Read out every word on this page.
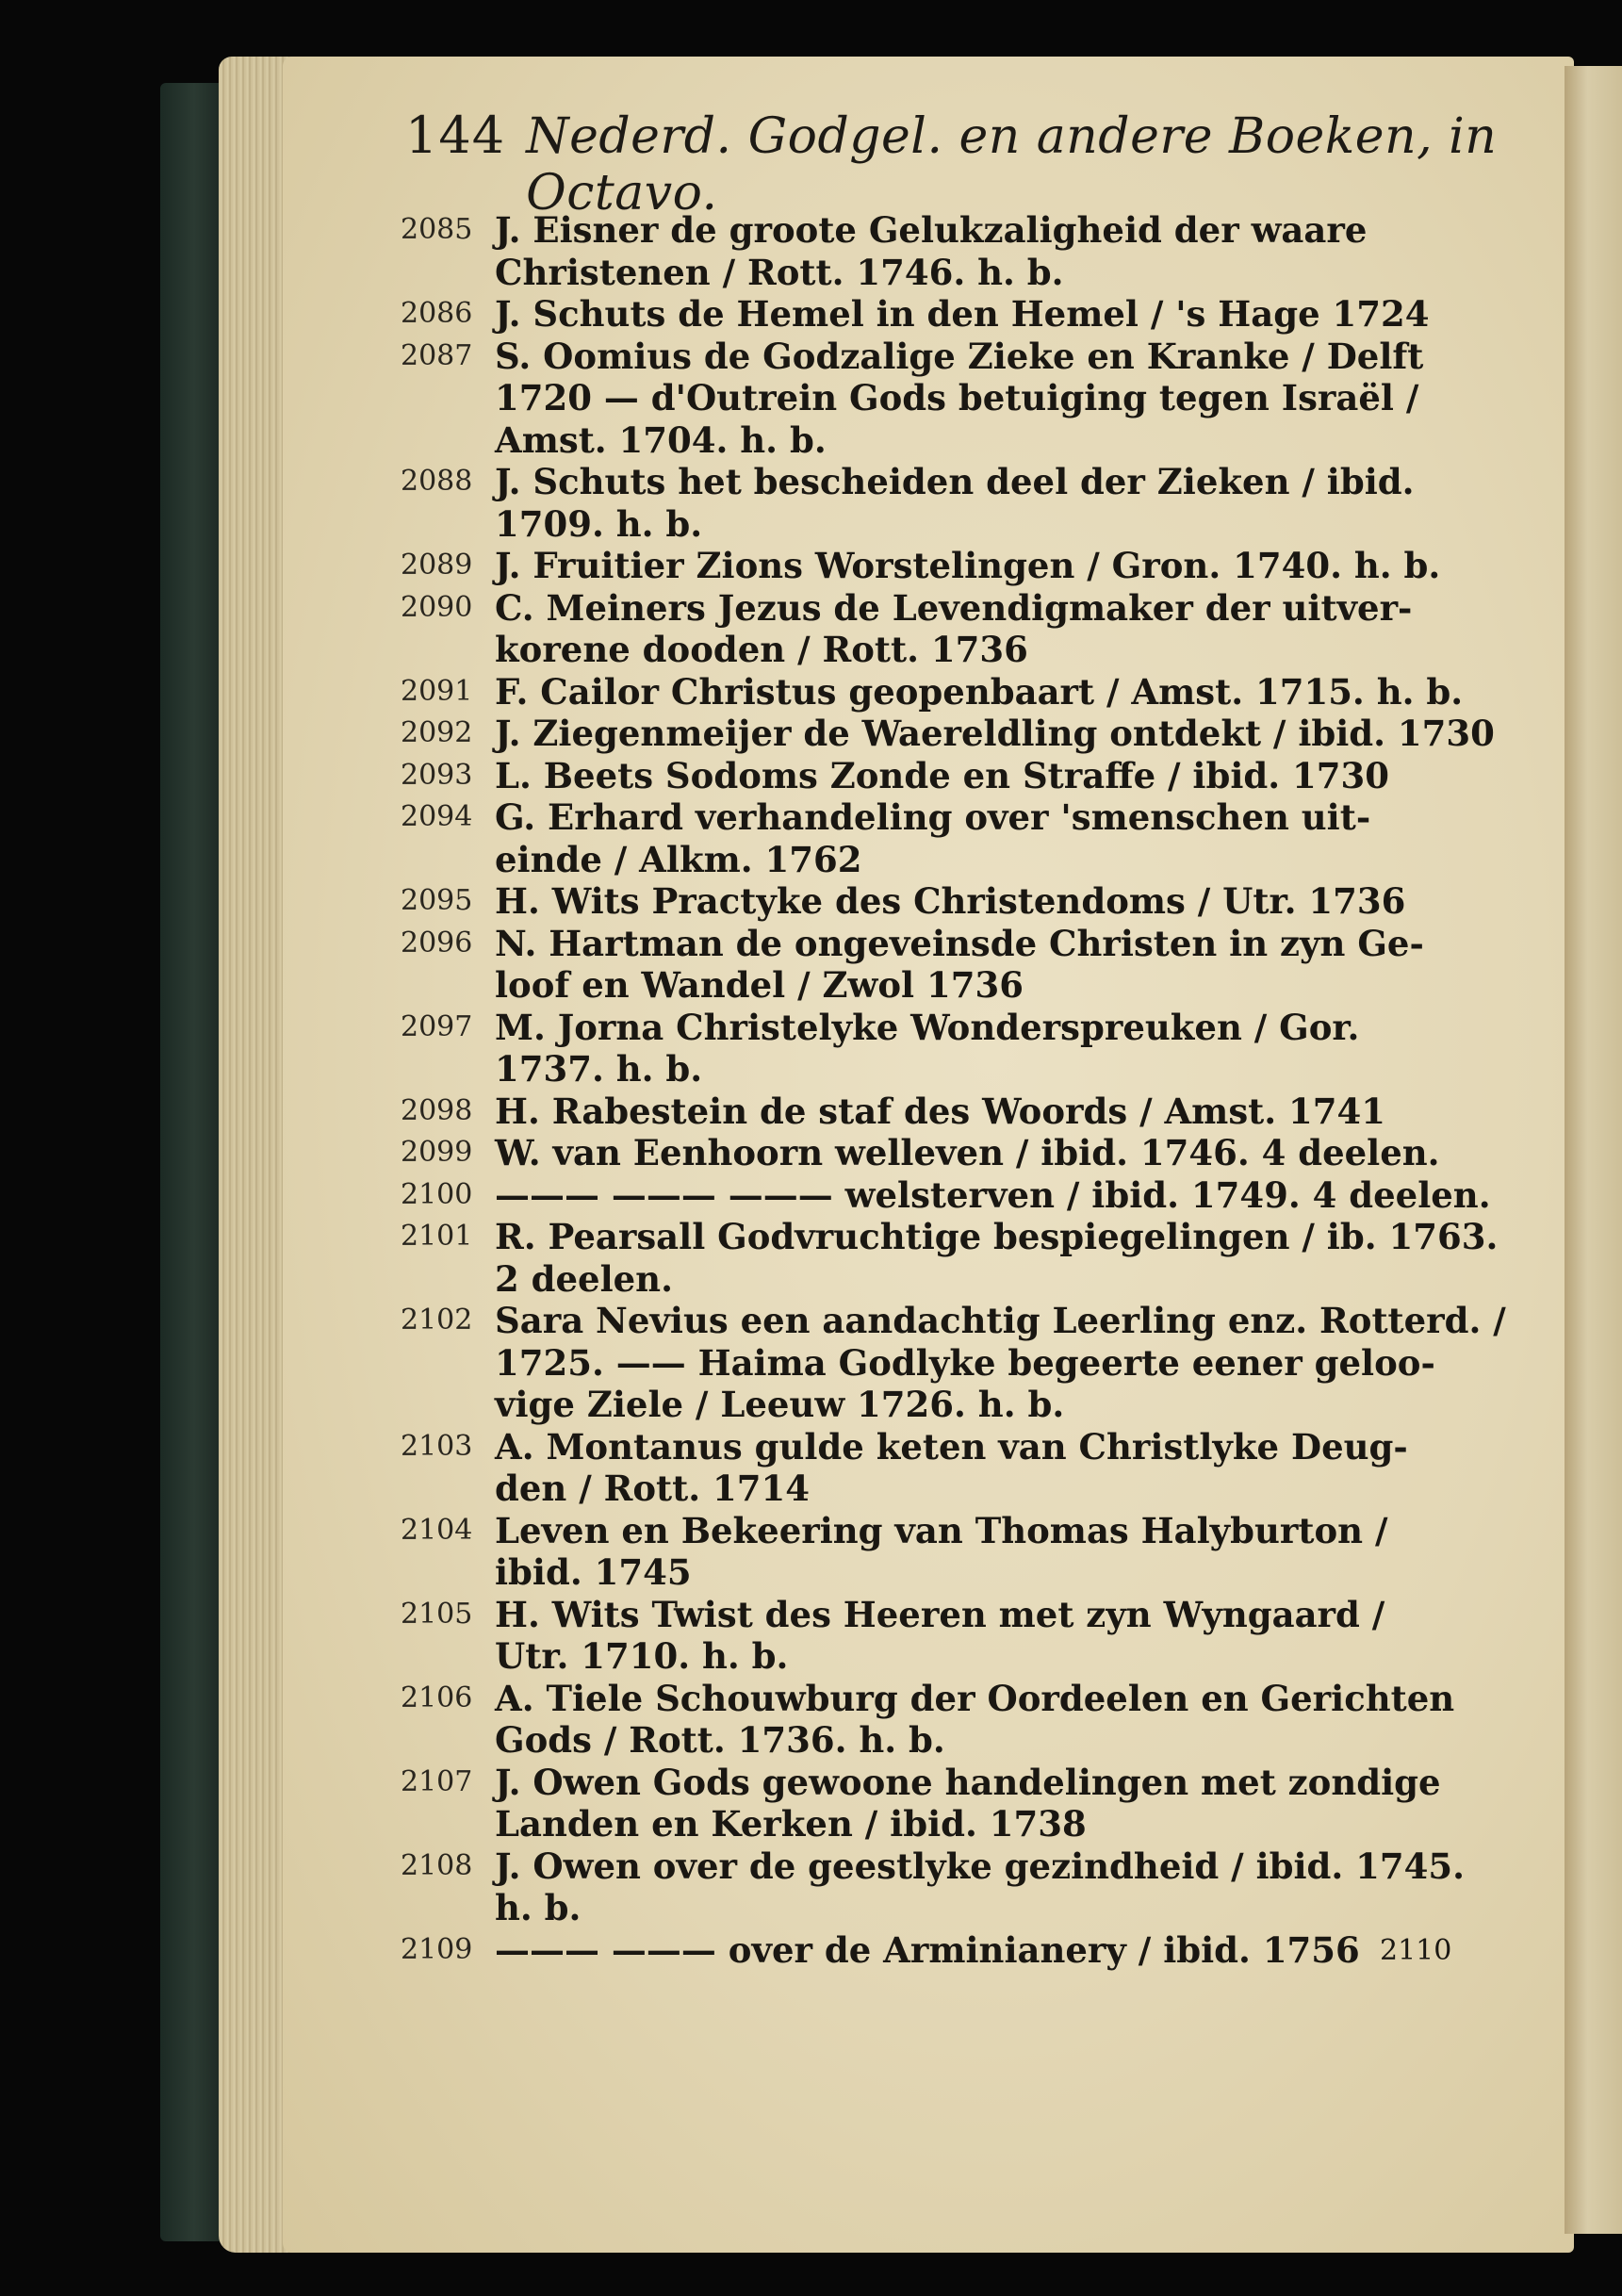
144 Nederd. Godgel. en andere Boeken, in Octavo.
2085 J. Eisner de groote Gelukzaligheid der waare
Christenen / Rott. 1746. h. b.
2086 J. Schuts de Hemel in den Hemel / 's Hage 1724
2087 S. Oomius de Godzalige Zieke en Kranke / Delft
1720 — d'Outrein Gods betuiging tegen Israël /
Amst. 1704. h. b.
2088 J. Schuts het bescheiden deel der Zieken / ibid.
1709. h. b.
2089 J. Fruitier Zions Worstelingen / Gron. 1740. h. b.
2090 C. Meiners Jezus de Levendigmaker der uitver-
korene dooden / Rott. 1736
2091 F. Cailor Christus geopenbaart / Amst. 1715. h. b.
2092 J. Ziegenmeijer de Waereldling ontdekt / ibid. 1730
2093 L. Beets Sodoms Zonde en Straffe / ibid. 1730
2094 G. Erhard verhandeling over 'smenschen uit-
einde / Alkm. 1762
2095 H. Wits Practyke des Christendoms / Utr. 1736
2096 N. Hartman de ongeveinsde Christen in zyn Ge-
loof en Wandel / Zwol 1736
2097 M. Jorna Christelyke Wonderspreuken / Gor.
1737. h. b.
2098 H. Rabestein de staf des Woords / Amst. 1741
2099 W. van Eenhoorn welleven / ibid. 1746. 4 deelen.
2100 ——— ——— ——— welsterven / ibid. 1749. 4 deelen.
2101 R. Pearsall Godvruchtige bespiegelingen / ib. 1763.
2 deelen.
2102 Sara Nevius een aandachtig Leerling enz. Rotterd. /
1725. —— Haima Godlyke begeerte eener geloo-
vige Ziele / Leeuw 1726. h. b.
2103 A. Montanus gulde keten van Christlyke Deug-
den / Rott. 1714
2104 Leven en Bekeering van Thomas Halyburton /
ibid. 1745
2105 H. Wits Twist des Heeren met zyn Wyngaard /
Utr. 1710. h. b.
2106 A. Tiele Schouwburg der Oordeelen en Gerichten
Gods / Rott. 1736. h. b.
2107 J. Owen Gods gewoone handelingen met zondige
Landen en Kerken / ibid. 1738
2108 J. Owen over de geestlyke gezindheid / ibid. 1745.
h. b.
2109 ——— ——— over de Arminianery / ibid. 1756 2110
